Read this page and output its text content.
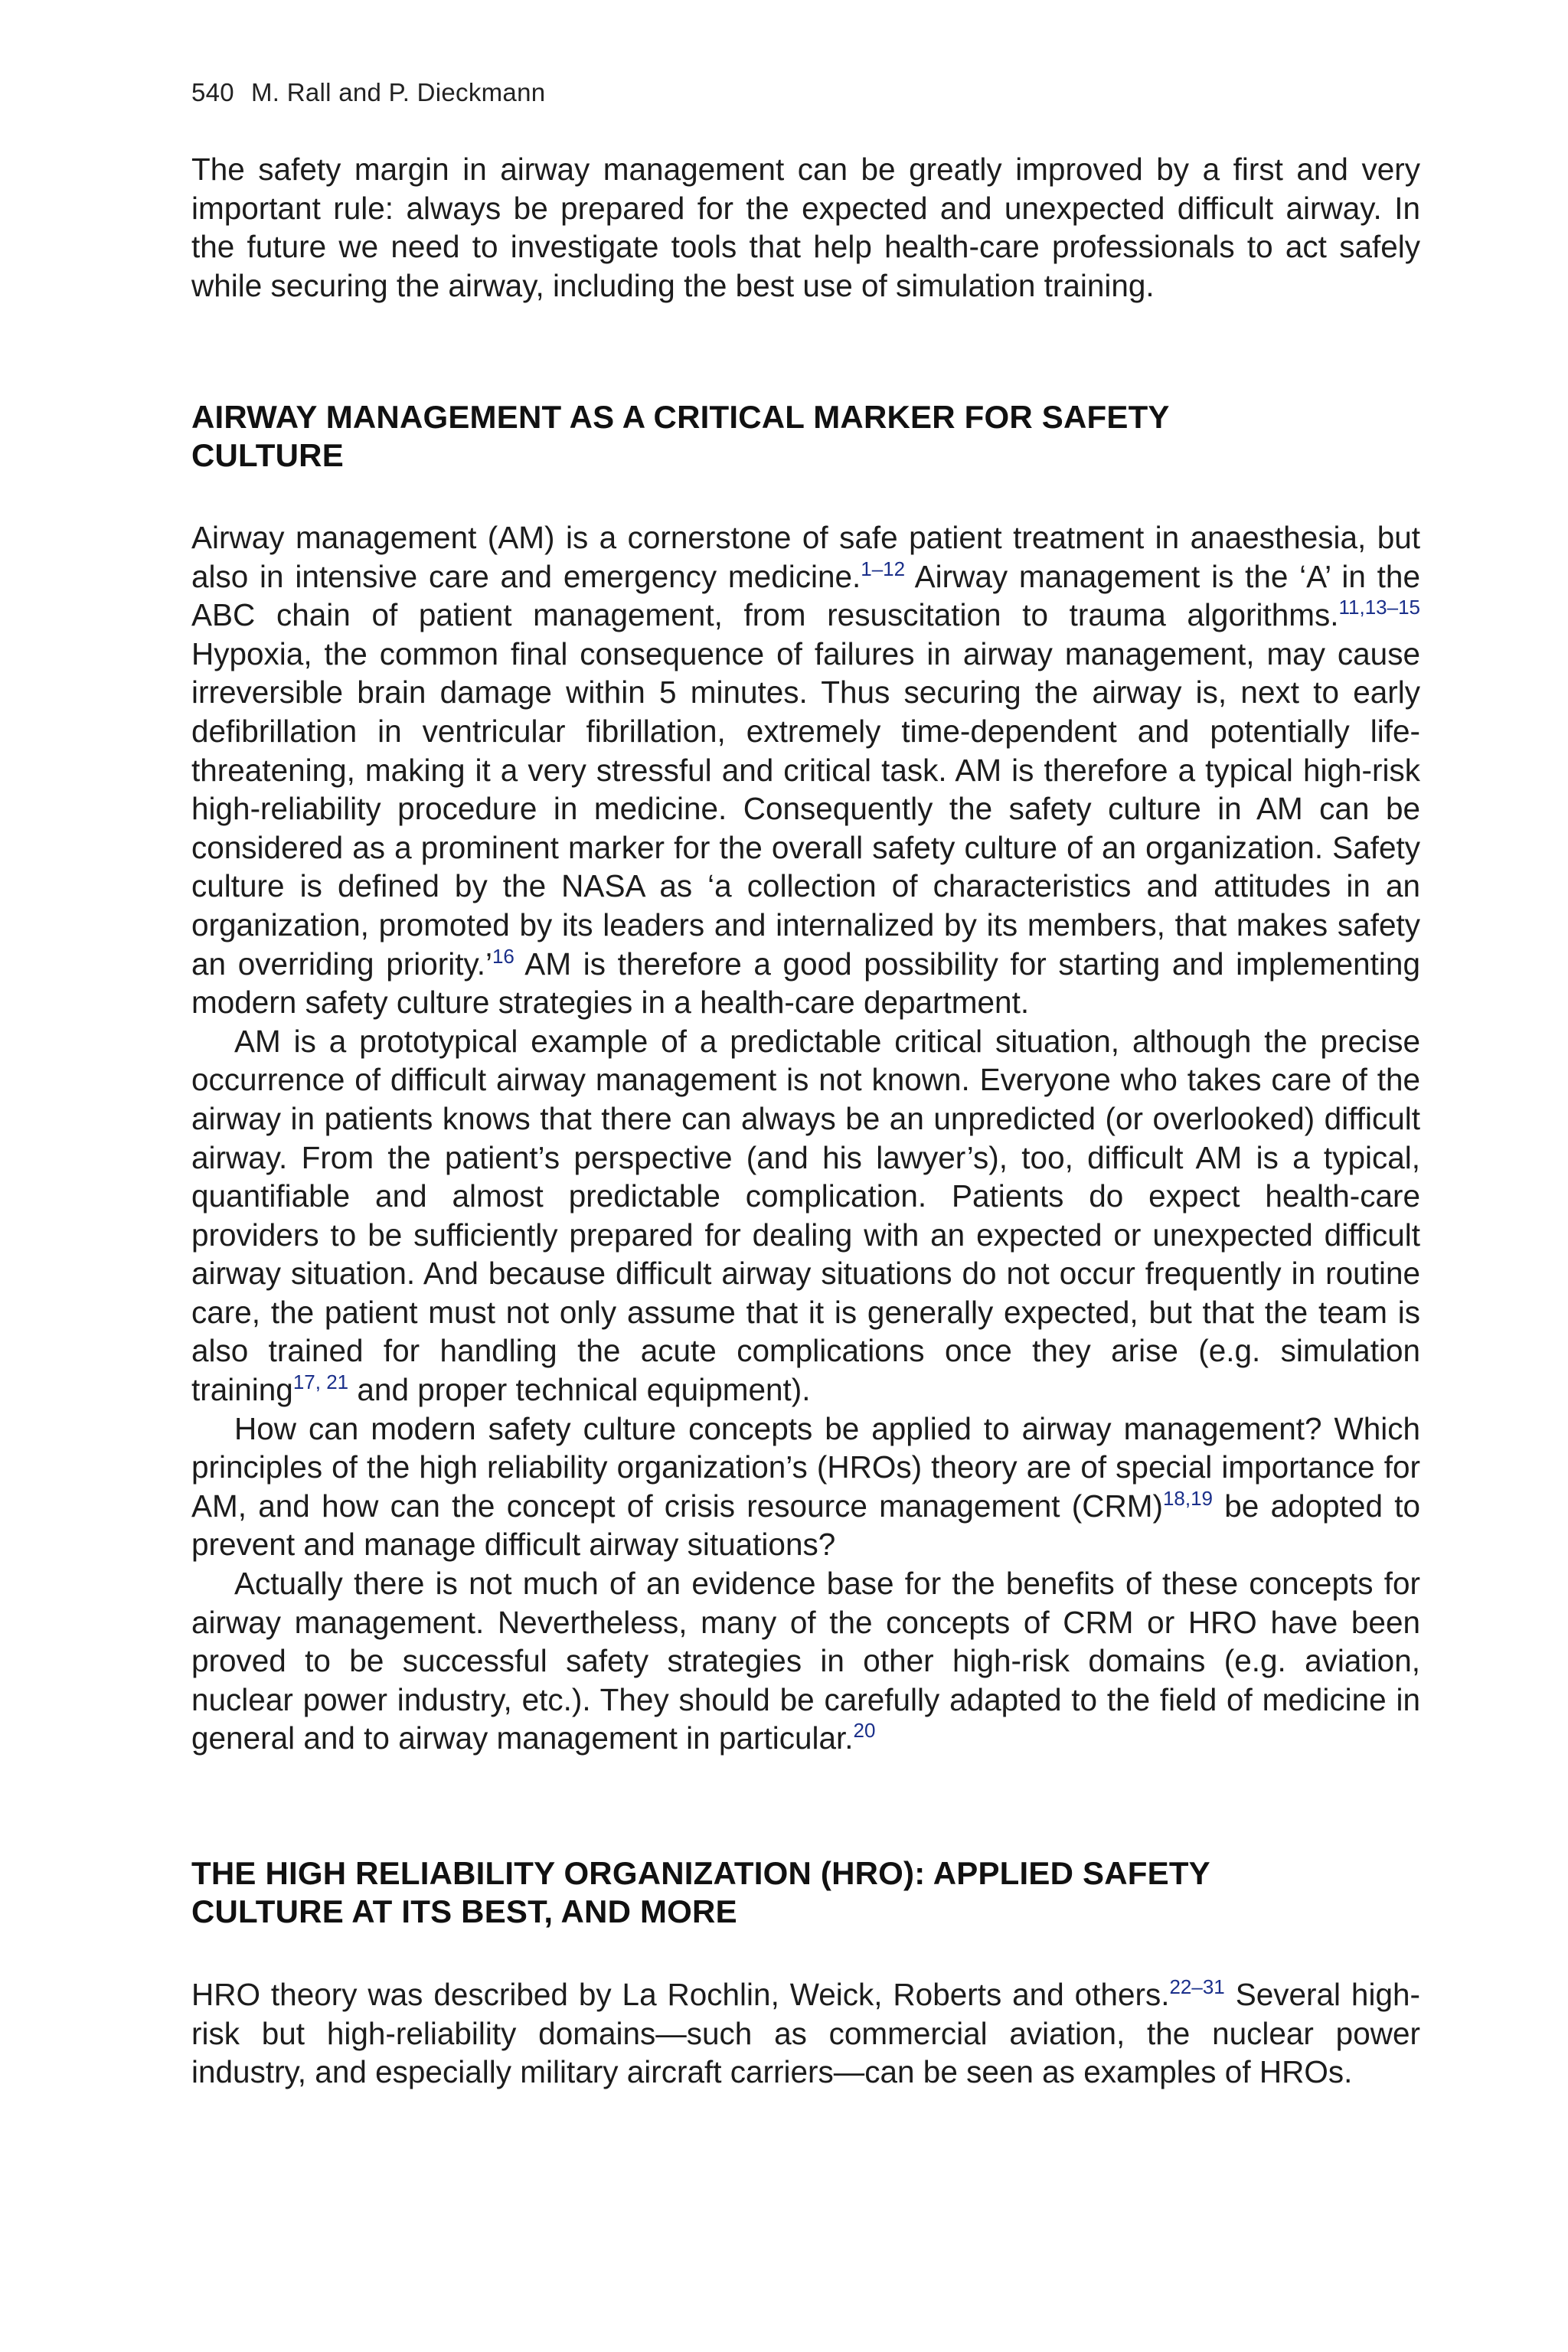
540 M. Rall and P. Dieckmann

The safety margin in airway management can be greatly improved by a first and very important rule: always be prepared for the expected and unexpected difficult airway. In the future we need to investigate tools that help health-care professionals to act safely while securing the airway, including the best use of simulation training.

AIRWAY MANAGEMENT AS A CRITICAL MARKER FOR SAFETY
CULTURE

Airway management (AM) is a cornerstone of safe patient treatment in anaesthesia, but also in intensive care and emergency medicine.$^{1-12}$ Airway management is the ‘A’ in the ABC chain of patient management, from resuscitation to trauma algorithms.$^{11,13-15}$ Hypoxia, the common final consequence of failures in airway management, may cause irreversible brain damage within 5 minutes. Thus securing the airway is, next to early defibrillation in ventricular fibrillation, extremely time-dependent and potentially life-threatening, making it a very stressful and critical task. AM is therefore a typical high-risk high-reliability procedure in medicine. Consequently the safety culture in AM can be considered as a prominent marker for the overall safety culture of an organization. Safety culture is defined by the NASA as ‘a collection of characteristics and attitudes in an organization, promoted by its leaders and internalized by its members, that makes safety an overriding priority.’$^{16}$ AM is therefore a good possibility for starting and implementing modern safety culture strategies in a health-care department.

AM is a prototypical example of a predictable critical situation, although the precise occurrence of difficult airway management is not known. Everyone who takes care of the airway in patients knows that there can always be an unpredicted (or overlooked) difficult airway. From the patient’s perspective (and his lawyer’s), too, difficult AM is a typical, quantifiable and almost predictable complication. Patients do expect health-care providers to be sufficiently prepared for dealing with an expected or unexpected difficult airway situation. And because difficult airway situations do not occur frequently in routine care, the patient must not only assume that it is generally expected, but that the team is also trained for handling the acute complications once they arise (e.g. simulation training$^{17, 21}$ and proper technical equipment).

How can modern safety culture concepts be applied to airway management? Which principles of the high reliability organization’s (HROs) theory are of special importance for AM, and how can the concept of crisis resource management (CRM)$^{18,19}$ be adopted to prevent and manage difficult airway situations?

Actually there is not much of an evidence base for the benefits of these concepts for airway management. Nevertheless, many of the concepts of CRM or HRO have been proved to be successful safety strategies in other high-risk domains (e.g. aviation, nuclear power industry, etc.). They should be carefully adapted to the field of medicine in general and to airway management in particular.$^{20}$

THE HIGH RELIABILITY ORGANIZATION (HRO): APPLIED SAFETY
CULTURE AT ITS BEST, AND MORE

HRO theory was described by La Rochlin, Weick, Roberts and others.$^{22-31}$ Several high-risk but high-reliability domains—such as commercial aviation, the nuclear power industry, and especially military aircraft carriers—can be seen as examples of HROs.
